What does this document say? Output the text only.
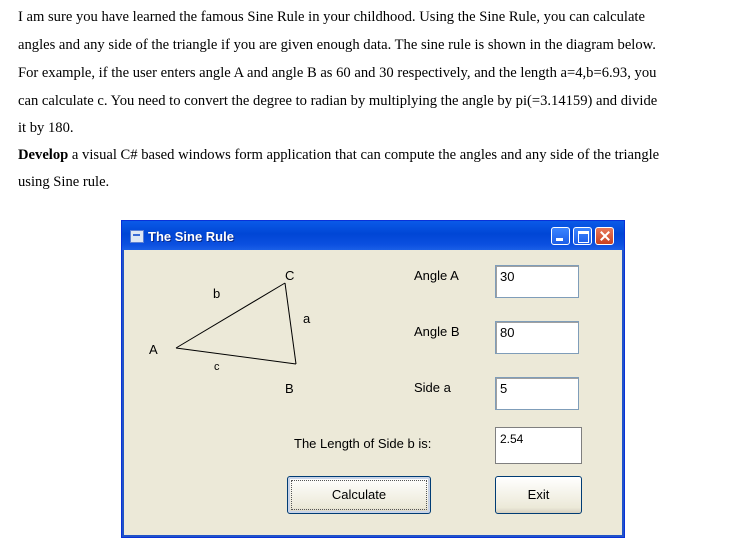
I am sure you have learned the famous Sine Rule in your childhood. Using the Sine Rule, you can calculate
angles and any side of the triangle if you are given enough data. The sine rule is shown in the diagram below.
For example, if the user enters angle A and angle B as 60 and 30 respectively, and the length a=4,b=6.93, you
can calculate c. You need to convert the degree to radian by multiplying the angle by pi(=3.14159) and divide
it by 180.
Develop a visual C# based windows form application that can compute the angles and any side of the triangle
using Sine rule.
The Sine Rule
C
b
a
A
c
B
Angle A	30
Angle B	80
Side a	5
The Length of Side b is:	2.54
Calculate	Exit
